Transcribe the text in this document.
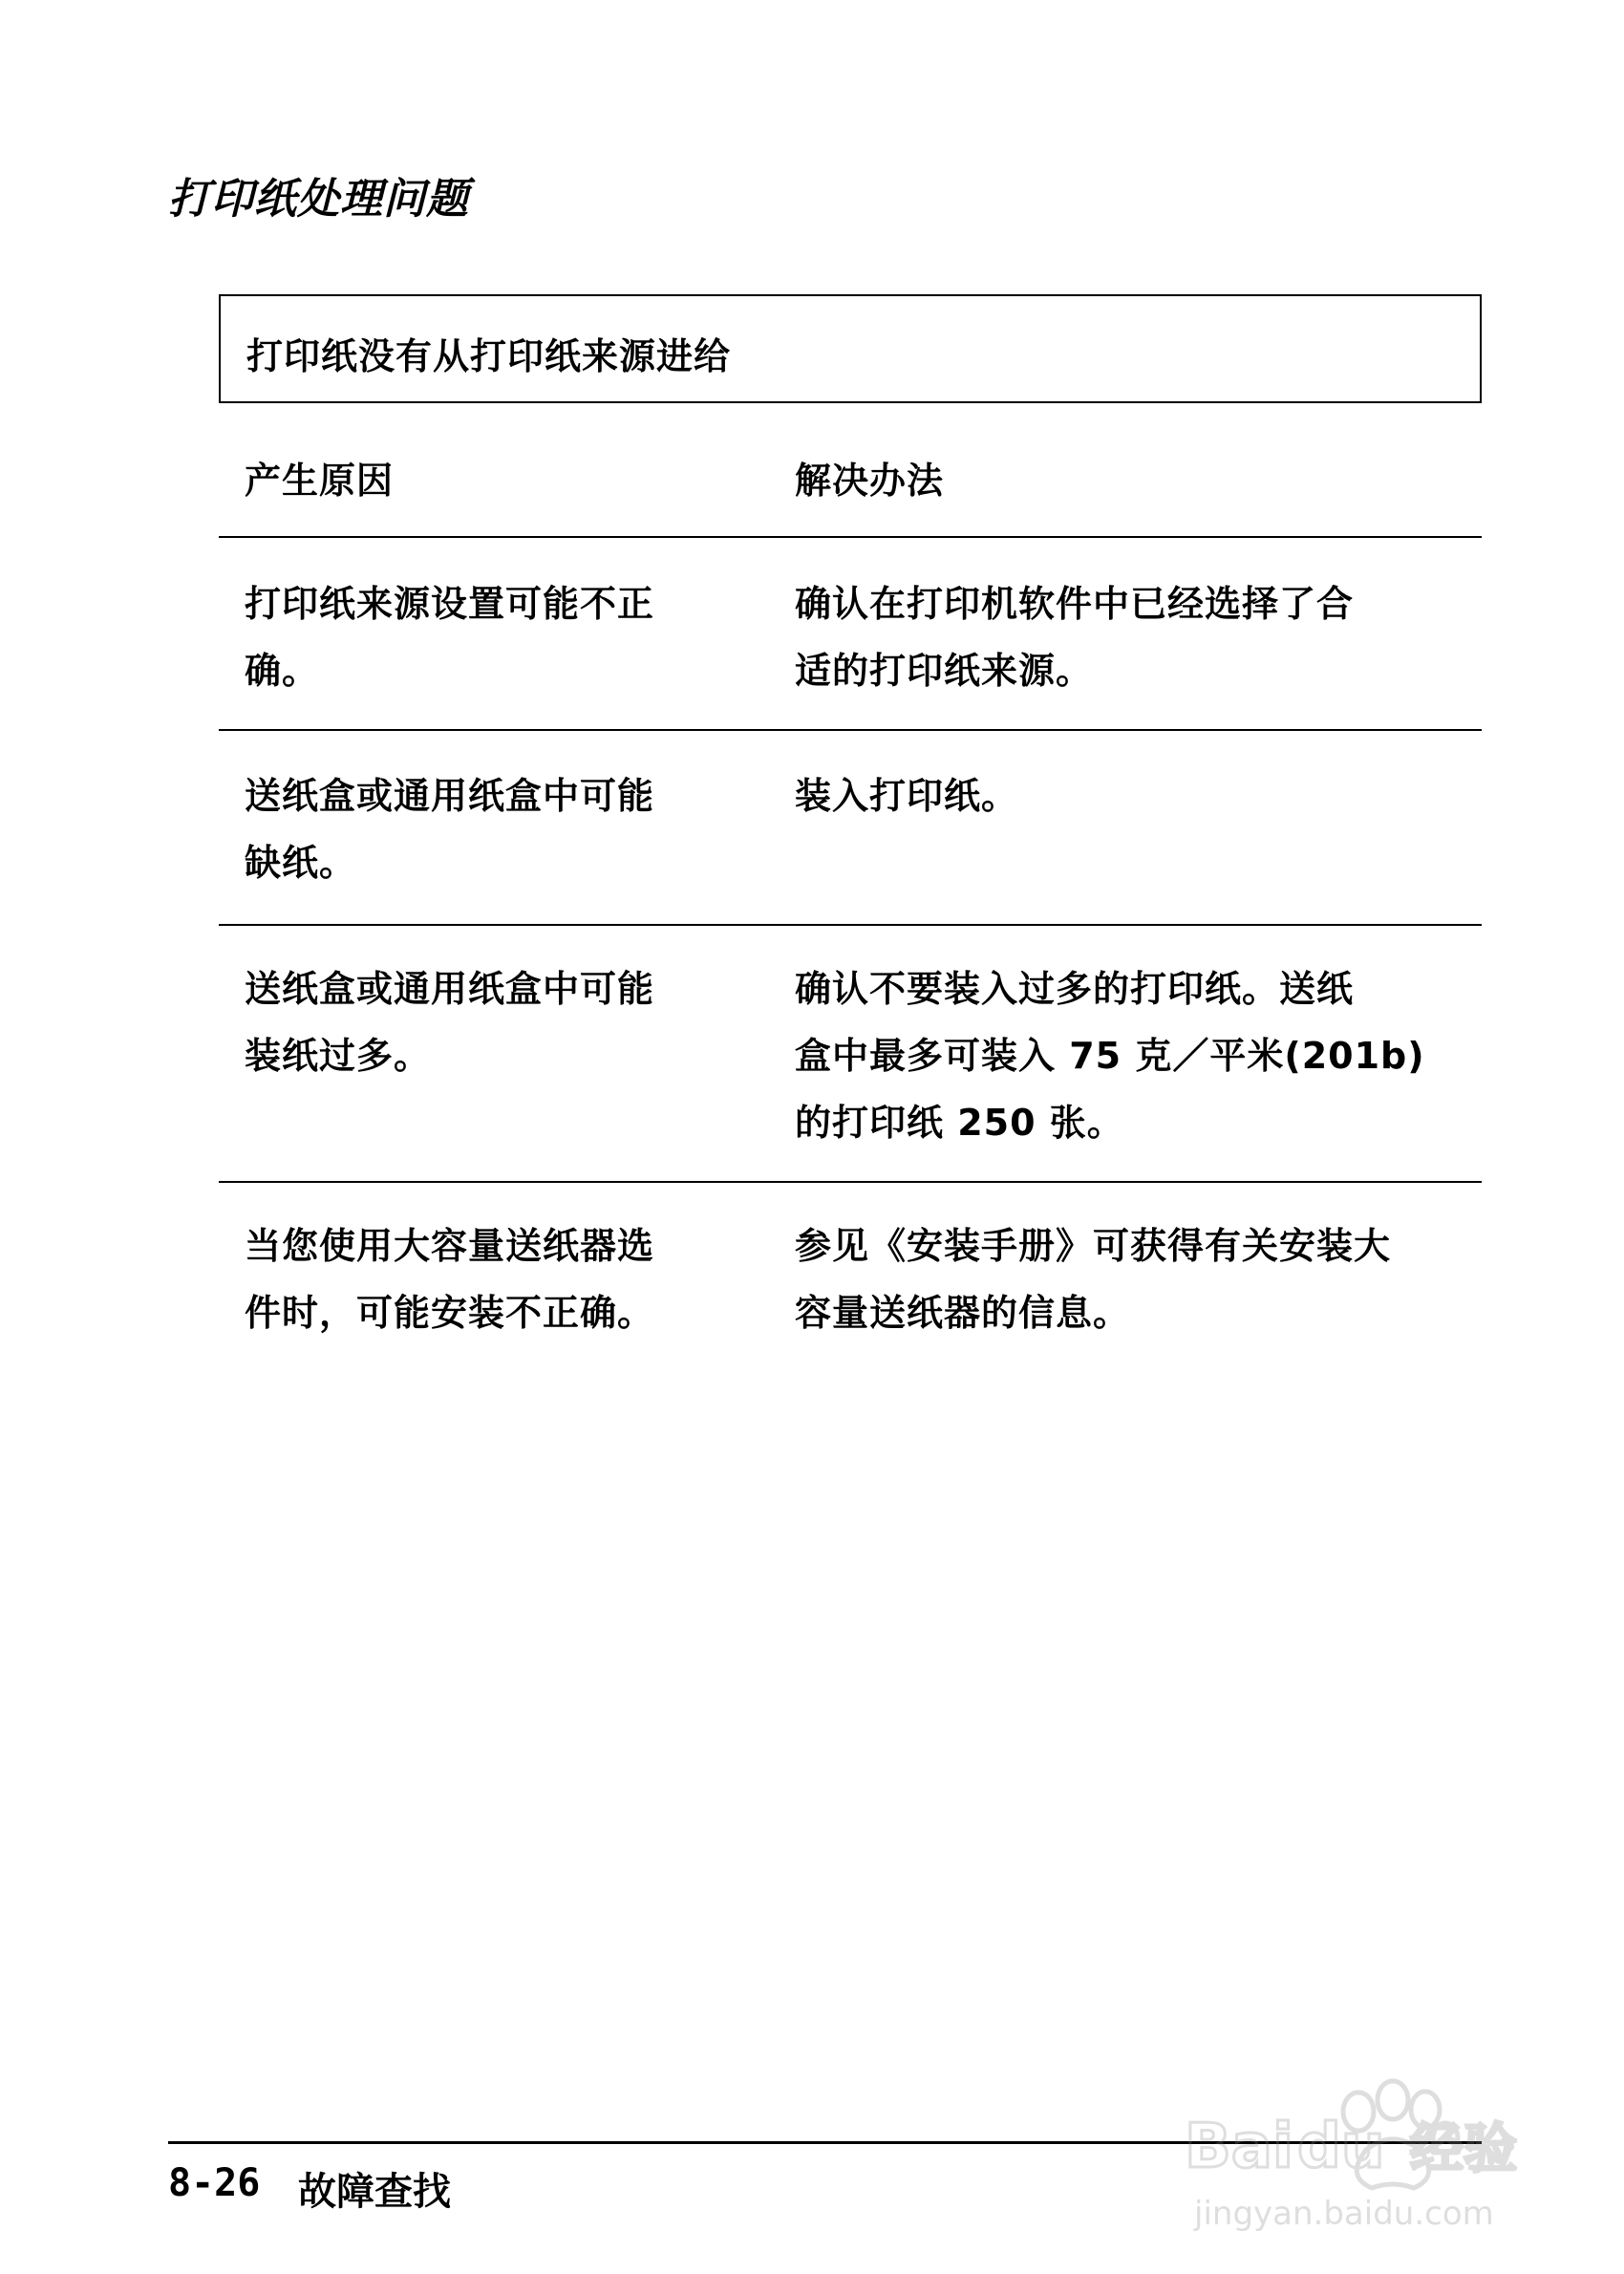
打印纸处理问题
打印纸没有从打印纸来源进给
产生原因	解决办法
打印纸来源设置可能不正
确。
确认在打印机软件中已经选择了合
适的打印纸来源。
送纸盒或通用纸盒中可能
缺纸。
装入打印纸。
送纸盒或通用纸盒中可能
装纸过多。
确认不要装入过多的打印纸。送纸
盒中最多可装入 75 克／平米(201b)
的打印纸 250 张。
当您使用大容量送纸器选
件时，可能安装不正确。
参见《安装手册》可获得有关安装大
容量送纸器的信息。
8-26 故障查找
Bai du 经验
jingyan.baidu.com
